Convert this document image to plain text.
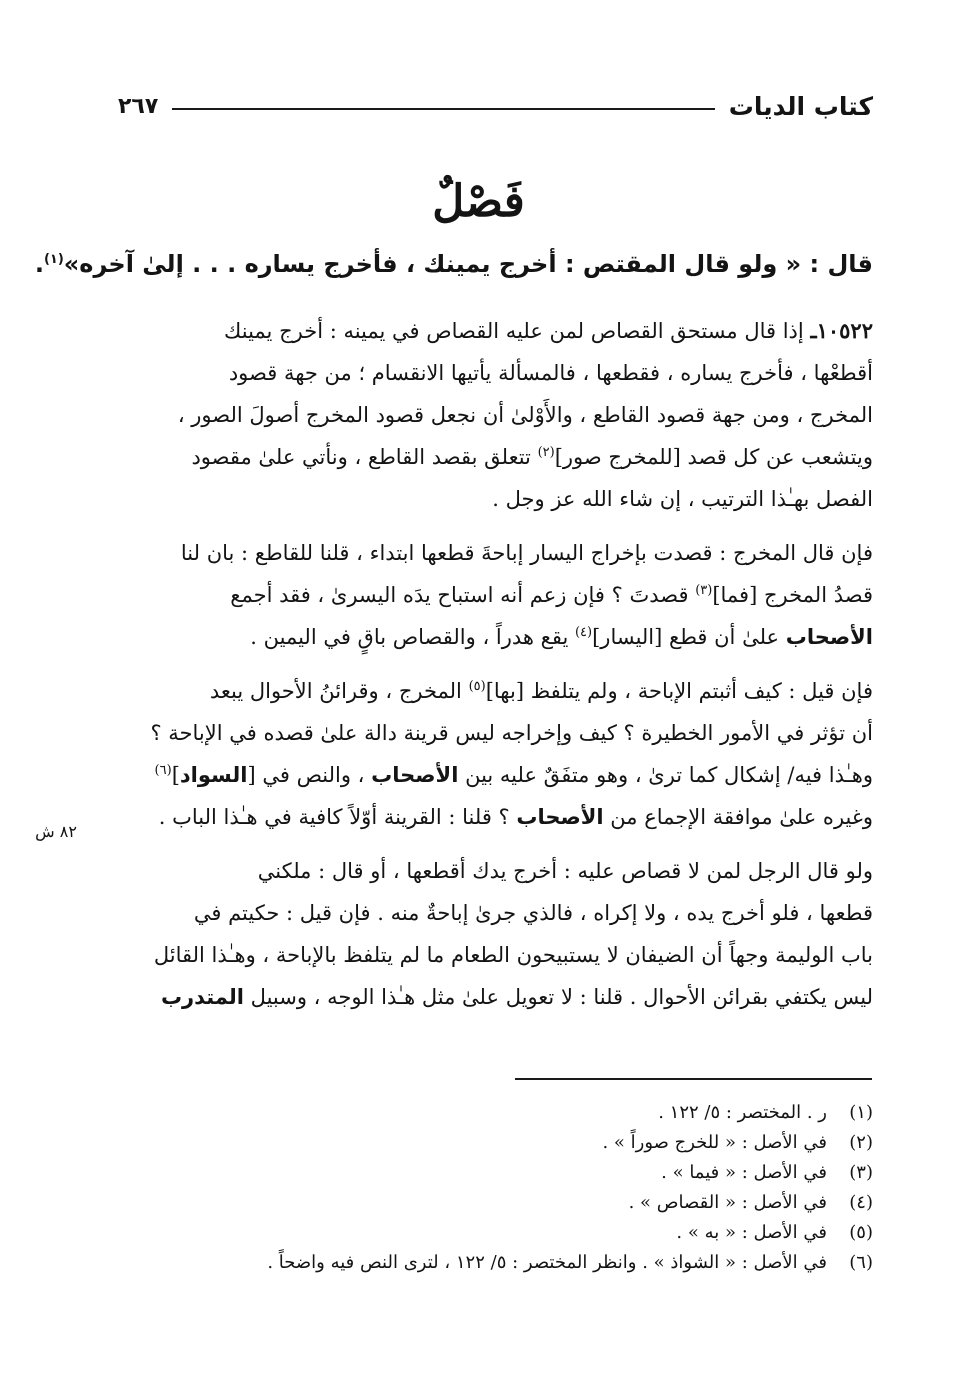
كتاب الديات
٢٦٧
فَصْلٌ
قال : « ولو قال المقتص : أخرج يمينك ، فأخرج يساره . . . إلىٰ آخره»$^{(١)}$.

١٠٥٢٢ـ إذا قال مستحق القصاص لمن عليه القصاص في يمينه : أخرج يمينك
أقطعْها ، فأخرج يساره ، فقطعها ، فالمسألة يأتيها الانقسام ؛ من جهة قصود
المخرج ، ومن جهة قصود القاطع ، والأَوْلىٰ أن نجعل قصود المخرج أصولَ الصور ،
ويتشعب عن كل قصد [للمخرج صور]$^{(٢)}$ تتعلق بقصد القاطع ، ونأتي علىٰ مقصود
الفصل بهـٰذا الترتيب ، إن شاء الله عز وجل .

فإن قال المخرج : قصدت بإخراج اليسار إباحةَ قطعها ابتداء ، قلنا للقاطع : بان لنا
قصدُ المخرج [فما]$^{(٣)}$ قصدتَ ؟ فإن زعم أنه استباح يدَه اليسرىٰ ، فقد أجمع
الأصحاب علىٰ أن قطع [اليسار]$^{(٤)}$ يقع هدراً ، والقصاص باقٍ في اليمين .

فإن قيل : كيف أثبتم الإباحة ، ولم يتلفظ [بها]$^{(٥)}$ المخرج ، وقرائنُ الأحوال يبعد
أن تؤثر في الأمور الخطيرة ؟ كيف وإخراجه ليس قرينة دالة علىٰ قصده في الإباحة ؟
وهـٰذا فيه/ إشكال كما ترىٰ ، وهو متفَقٌ عليه بين الأصحاب ، والنص في [السواد]$^{(٦)}$
وغيره علىٰ موافقة الإجماع من الأصحاب ؟ قلنا : القرينة أوّلاً كافية في هـٰذا الباب .

ولو قال الرجل لمن لا قصاص عليه : أخرج يدك أقطعها ، أو قال : ملكني
قطعها ، فلو أخرج يده ، ولا إكراه ، فالذي جرىٰ إباحةٌ منه . فإن قيل : حكيتم في
باب الوليمة وجهاً أن الضيفان لا يستبيحون الطعام ما لم يتلفظ بالإباحة ، وهـٰذا القائل
ليس يكتفي بقرائن الأحوال . قلنا : لا تعويل علىٰ مثل هـٰذا الوجه ، وسبيل المتدرب

٨٢ ش
(١)
ر . المختصر : ٥/ ١٢٢ .
(٢)
في الأصل : « للخرج صوراً » .
(٣)
في الأصل : « فيما » .
(٤)
في الأصل : « القصاص » .
(٥)
في الأصل : « به » .
(٦)
في الأصل : « الشواذ » . وانظر المختصر : ٥/ ١٢٢ ، لترى النص فيه واضحاً .
